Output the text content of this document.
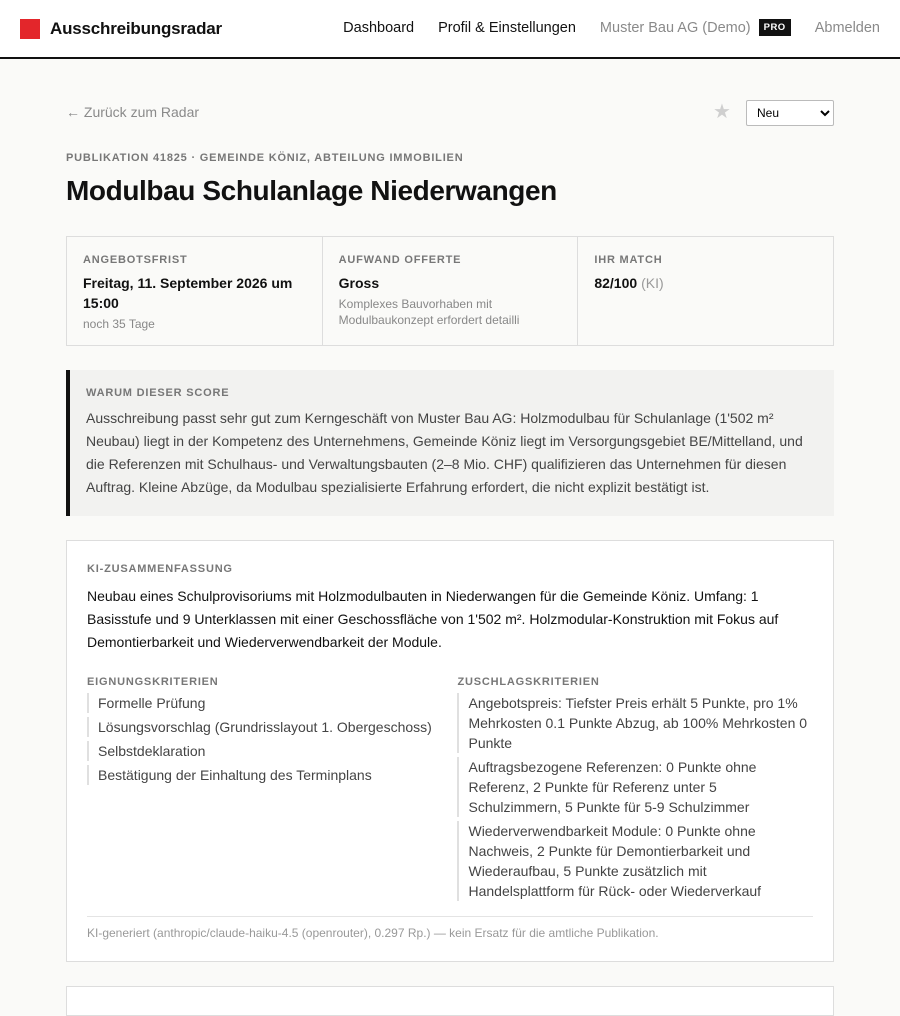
Ausschreibungsradar	Dashboard Profil & Einstellungen Muster Bau AG (Demo)	PRO	Abmelden
← Zurück zum Radar	★
Neu
PUBLIKATION 41825 · GEMEINDE KÖNIZ, ABTEILUNG IMMOBILIEN
Modulbau Schulanlage Niederwangen
ANGEBOTSFRIST
Freitag, 11. September 2026 um 15:00
noch 35 Tage
AUFWAND OFFERTE
Gross
Komplexes Bauvorhaben mit Modulbaukonzept erfordert detailli
IHR MATCH
82/100 (KI)
WARUM DIESER SCORE

Ausschreibung passt sehr gut zum Kerngeschäft von Muster Bau AG: Holzmodulbau für Schulanlage (1'502 m² Neubau) liegt in der Kompetenz des Unternehmens, Gemeinde Köniz liegt im Versorgungsgebiet BE/Mittelland, und die Referenzen mit Schulhaus- und Verwaltungsbauten (2–8 Mio. CHF) qualifizieren das Unternehmen für diesen Auftrag. Kleine Abzüge, da Modulbau spezialisierte Erfahrung erfordert, die nicht explizit bestätigt ist.

KI-ZUSAMMENFASSUNG

Neubau eines Schulprovisoriums mit Holzmodulbauten in Niederwangen für die Gemeinde Köniz. Umfang: 1 Basisstufe und 9 Unterklassen mit einer Geschossfläche von 1'502 m². Holzmodular-Konstruktion mit Fokus auf Demontierbarkeit und Wiederverwendbarkeit der Module.

EIGNUNGSKRITERIEN
Formelle Prüfung
Lösungsvorschlag (Grundrisslayout 1. Obergeschoss)
Selbstdeklaration
Bestätigung der Einhaltung des Terminplans
ZUSCHLAGSKRITERIEN
Angebotspreis: Tiefster Preis erhält 5 Punkte, pro 1% Mehrkosten 0.1 Punkte Abzug, ab 100% Mehrkosten 0 Punkte
Auftragsbezogene Referenzen: 0 Punkte ohne Referenz, 2 Punkte für Referenz unter 5 Schulzimmern, 5 Punkte für 5-9 Schulzimmer
Wiederverwendbarkeit Module: 0 Punkte ohne Nachweis, 2 Punkte für Demontierbarkeit und Wiederaufbau, 5 Punkte zusätzlich mit Handelsplattform für Rück- oder Wiederverkauf
KI-generiert (anthropic/claude-haiku-4.5 (openrouter), 0.297 Rp.) — kein Ersatz für die amtliche Publikation.
